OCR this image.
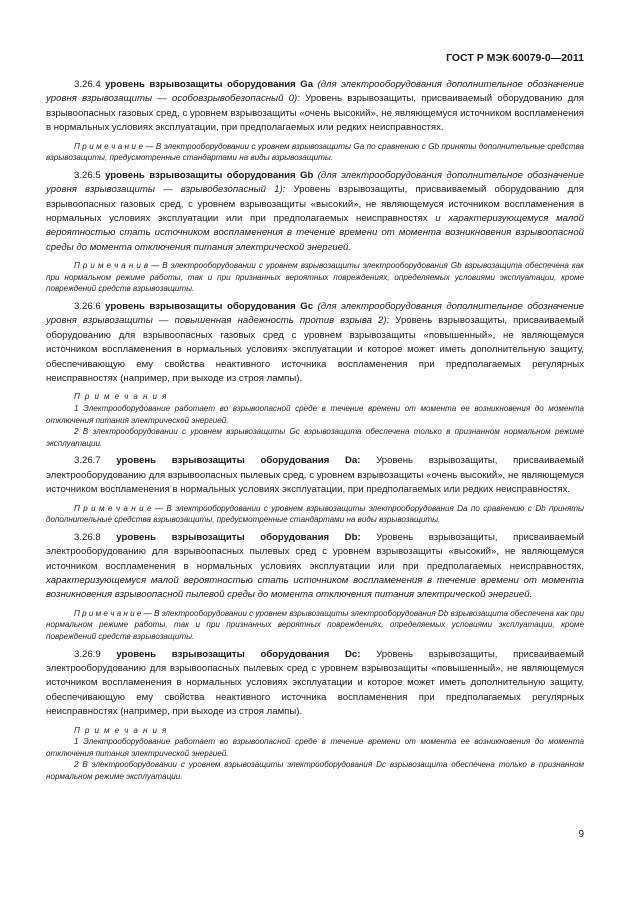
ГОСТ Р МЭК 60079-0—2011

3.26.4 уровень взрывозащиты оборудования Ga (для электрооборудования дополнительное обозначение уровня взрывозащиты — особовзрывобезопасный 0): Уровень взрывозащиты, присваиваемый оборудованию для взрывоопасных газовых сред, с уровнем взрывозащиты «очень высокий», не являющемуся источником воспламенения в нормальных условиях эксплуатации, при предполагаемых или редких неисправностях.

П р и м е ч а н и е — В электрооборудовании с уровнем взрывозащиты Ga по сравнению с Gb приняты дополнительные средства взрывозащиты, предусмотренные стандартами на виды взрывозащиты.

3.26.5 уровень взрывозащиты оборудования Gb (для электрооборудования дополнительное обозначение уровня взрывозащиты — взрывобезопасный 1): Уровень взрывозащиты, присваиваемый оборудованию для взрывоопасных газовых сред, с уровнем взрывозащиты «высокий», не являющемуся источником воспламенения в нормальных условиях эксплуатации или при предполагаемых неисправностях и характеризующемуся малой вероятностью стать источником воспламенения в течение времени от момента возникновения взрывоопасной среды до момента отключения питания электрической энергией.

П р и м е ч а н и в — В электрооборудовании с уровнем взрывозащиты электрооборудования Gb взрывозащита обеспечена как при нормальном режиме работы, так и при признанных вероятных повреждениях, определяемых условиями эксплуатации, кроме повреждений средств взрывозащиты.

3.26.6 уровень взрывозащиты оборудования Gc (для электрооборудования дополнительное обозначение уровня взрывозащиты — повышенная надежность против взрыва 2): Уровень взрывозащиты, присваиваемый оборудованию для взрывоопасных газовых сред с уровнем взрывозащиты «повышенный», не являющемуся источником воспламенения в нормальных условиях эксплуатации и которое может иметь дополнительную защиту, обеспечивающую ему свойства неактивного источника воспламенения при предполагаемых регулярных неисправностях (например, при выходе из строя лампы).

П р и м е ч а н и я

1 Электрооборудование работает во взрывоопасной среде в течение времени от момента ее возникновения до момента отключения питания электрической энергией.

2 В электрооборудовании с уровнем взрывозащиты Gc взрывозащита обеспечена только в признанном нормальном режиме эксплуатации.

3.26.7 уровень взрывозащиты оборудования Da: Уровень взрывозащиты, присваиваемый электрооборудованию для взрывоопасных пылевых сред, с уровнем взрывозащиты «очень высокий», не являющемуся источником воспламенения в нормальных условиях эксплуатации, при предполагаемых или редких неисправностях.

П р и м е ч а н и е — В электрооборудовании с уровнем взрывозащиты электрооборудования Da по сравнению с Db приняты дополнительные средства взрывозащиты, предусмотренные стандартами на виды взрывозащиты.

3.26.8 уровень взрывозащиты оборудования Db: Уровень взрывозащиты, присваиваемый электрооборудованию для взрывоопасных пылевых сред с уровнем взрывозащиты «высокий», не являющемуся источником воспламенения в нормальных условиях эксплуатации или при предполагаемых неисправностях, характеризующемуся малой вероятностью стать источником воспламенения в течение времени от момента возникновения взрывоопасной пылевой среды до момента отключения питания электрической энергией.

П р и м е ч а н и е — В электрооборудовании с уровнем взрывозащиты электрооборудования Db взрывозащита обеспечена как при нормальном режиме работы, так и при признанных вероятных повреждениях, определяемых условиями эксплуатации, кроме повреждений средств взрывозащиты.

3.26.9 уровень взрывозащиты оборудования Dc: Уровень взрывозащиты, присваиваемый электрооборудованию для взрывоопасных пылевых сред с уровнем взрывозащиты «повышенный», не являющемуся источником воспламенения в нормальных условиях эксплуатации и которое может иметь дополнительную защиту, обеспечивающую ему свойства неактивного источника воспламенения при предполагаемых регулярных неисправностях (например, при выходе из строя лампы).

П р и м е ч а н и я

1 Электрооборудование работает во взрывоопасной среде в течение времени от момента ее возникновения до момента отключения питания электрической энергией.

2 В электрооборудовании с уровнем взрывозащиты электрооборудования Dc взрывозащита обеспечена только в признанном нормальном режиме эксплуатации.

9
